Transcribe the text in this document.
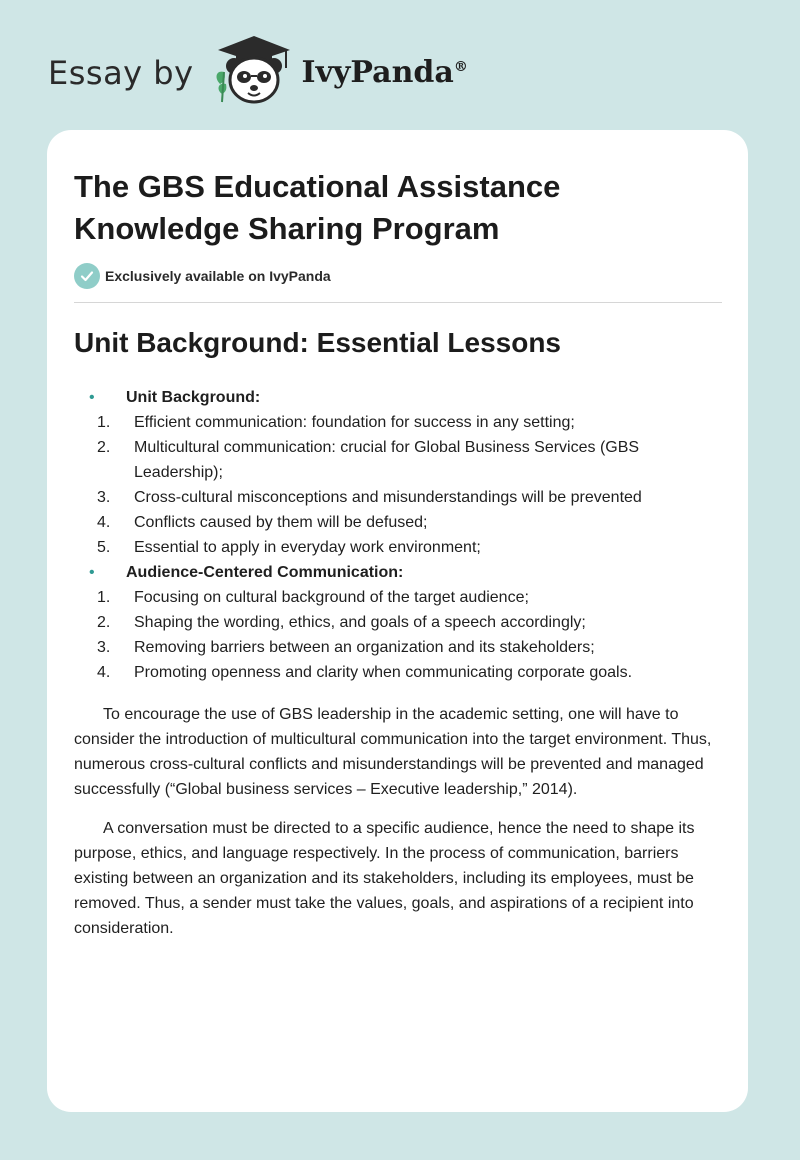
Essay by	IvyPanda®
The GBS Educational Assistance Knowledge Sharing Program
Exclusively available on IvyPanda
Unit Background: Essential Lessons
• Unit Background:
1. Efficient communication: foundation for success in any setting;
2. Multicultural communication: crucial for Global Business Services (GBS Leadership);
3. Cross-cultural misconceptions and misunderstandings will be prevented
4. Conflicts caused by them will be defused;
5. Essential to apply in everyday work environment;
• Audience-Centered Communication:
1. Focusing on cultural background of the target audience;
2. Shaping the wording, ethics, and goals of a speech accordingly;
3. Removing barriers between an organization and its stakeholders;
4. Promoting openness and clarity when communicating corporate goals.

To encourage the use of GBS leadership in the academic setting, one will have to consider the introduction of multicultural communication into the target environment. Thus, numerous cross-cultural conflicts and misunderstandings will be prevented and managed successfully (“Global business services – Executive leadership,” 2014).

A conversation must be directed to a specific audience, hence the need to shape its purpose, ethics, and language respectively. In the process of communication, barriers existing between an organization and its stakeholders, including its employees, must be removed. Thus, a sender must take the values, goals, and aspirations of a recipient into consideration.
